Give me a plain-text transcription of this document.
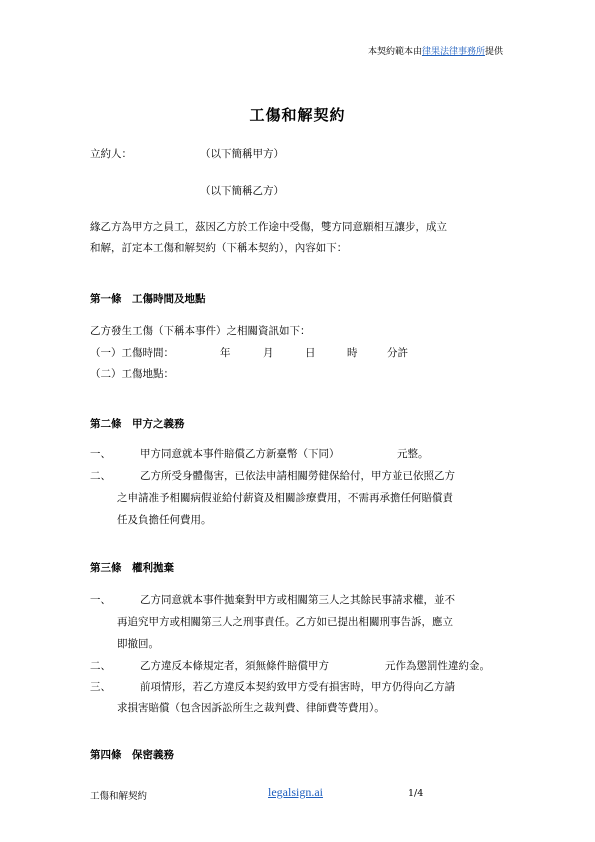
本契約範本由律果法律事務所提供
工傷和解契約
立約人：	（以下簡稱甲方）
（以下簡稱乙方）
緣乙方為甲方之員工，茲因乙方於工作途中受傷，雙方同意願相互讓步，成立
和解，訂定本工傷和解契約（下稱本契約），內容如下：
第一條　工傷時間及地點
乙方發生工傷（下稱本事件）之相關資訊如下：
（一）工傷時間：	年	月	日	時	分許
（二）工傷地點：
第二條　甲方之義務
一、	甲方同意就本事件賠償乙方新臺幣（下同）	元整。
二、	乙方所受身體傷害，已依法申請相關勞健保給付，甲方並已依照乙方
之申請准予相關病假並給付薪資及相關診療費用，不需再承擔任何賠償責
任及負擔任何費用。
第三條　權利拋棄
一、	乙方同意就本事件拋棄對甲方或相關第三人之其餘民事請求權，並不
再追究甲方或相關第三人之刑事責任。乙方如已提出相關刑事告訴，應立
即撤回。
二、	乙方違反本條規定者，須無條件賠償甲方	元作為懲罰性違約金。
三、	前項情形，若乙方違反本契約致甲方受有損害時，甲方仍得向乙方請
求損害賠償（包含因訴訟所生之裁判費、律師費等費用）。
第四條　保密義務
工傷和解契約	legalsign.ai	1/4
